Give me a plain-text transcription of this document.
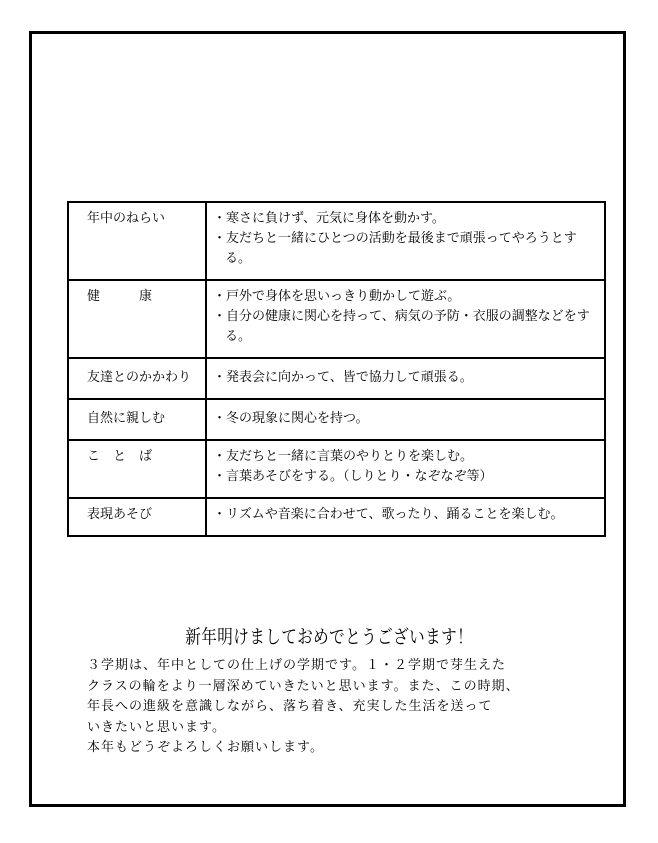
年中のねらい	・寒さに負けず、元気に身体を動かす。
・友だちと一緒にひとつの活動を最後まで頑張ってやろうとする。

健　　　康	・戸外で身体を思いっきり動かして遊ぶ。
・自分の健康に関心を持って、病気の予防・衣服の調整などをする。

友達とのかかわり	・発表会に向かって、皆で協力して頑張る。

自然に親しむ	・冬の現象に関心を持つ。

こ　と　ば	・友だちと一緒に言葉のやりとりを楽しむ。
・言葉あそびをする。（しりとり・なぞなぞ等）

表現あそび	・リズムや音楽に合わせて、歌ったり、踊ることを楽しむ。
新年明けましておめでとうございます！

３学期は、年中としての仕上げの学期です。１・２学期で芽生えた

クラスの輪をより一層深めていきたいと思います。また、この時期、

年長への進級を意識しながら、落ち着き、充実した生活を送って

いきたいと思います。

本年もどうぞよろしくお願いします。
